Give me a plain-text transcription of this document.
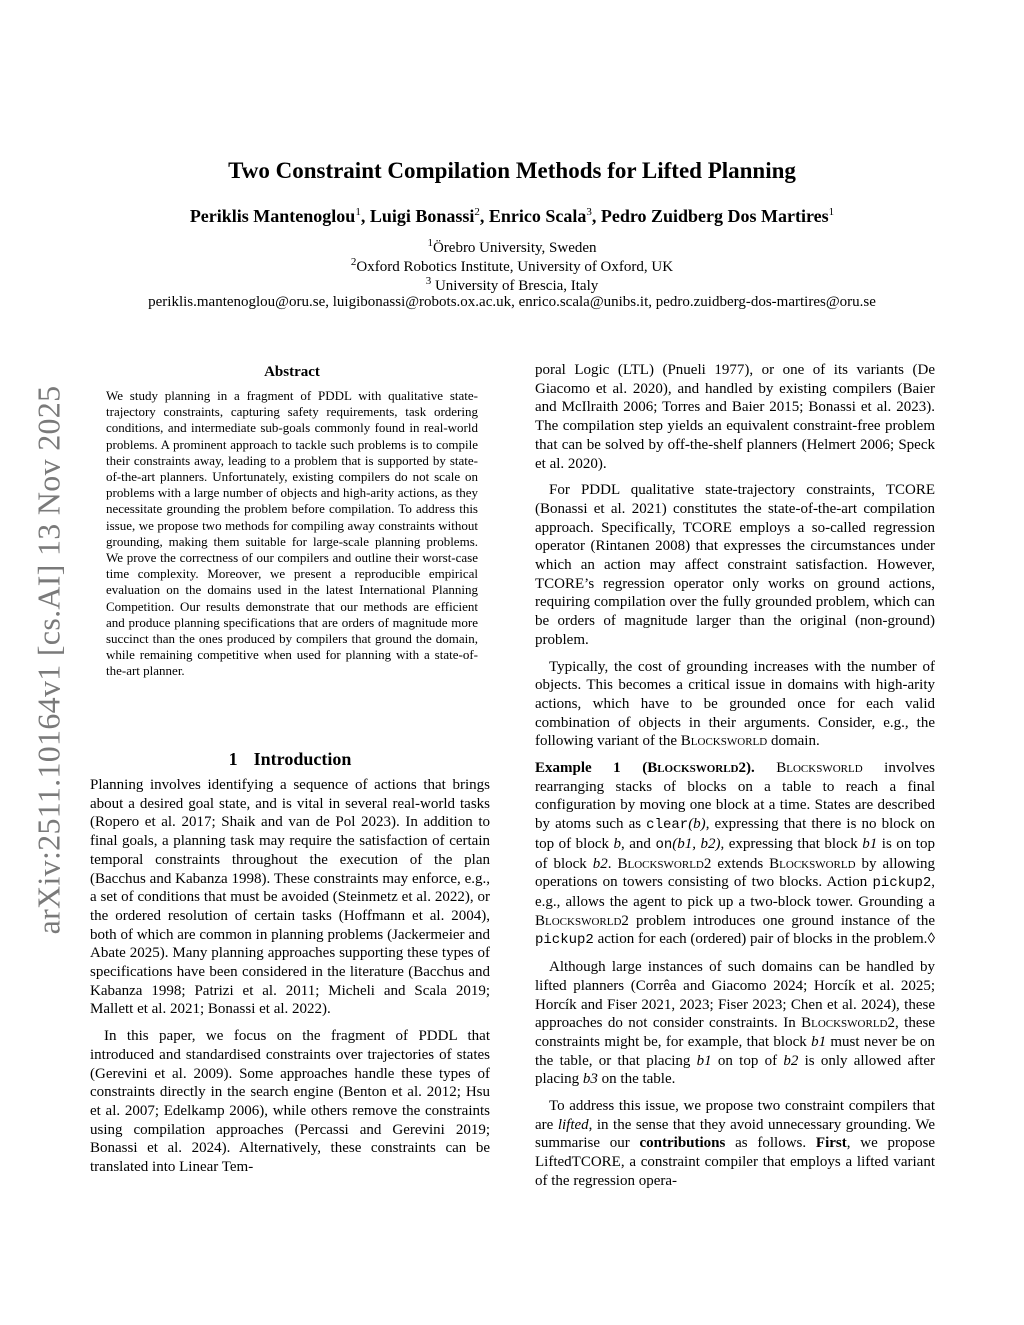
arXiv:2511.10164v1 [cs.AI] 13 Nov 2025
Two Constraint Compilation Methods for Lifted Planning
Periklis Mantenoglou$^1$, Luigi Bonassi$^2$, Enrico Scala$^3$, Pedro Zuidberg Dos Martires$^1$
$^1$Örebro University, Sweden
$^2$Oxford Robotics Institute, University of Oxford, UK
$^3$ University of Brescia, Italy
periklis.mantenoglou@oru.se, luigibonassi@robots.ox.ac.uk, enrico.scala@unibs.it, pedro.zuidberg-dos-martires@oru.se
Abstract
We study planning in a fragment of PDDL with qualitative state-trajectory constraints, capturing safety requirements, task ordering conditions, and intermediate sub-goals commonly found in real-world problems. A prominent approach to tackle such problems is to compile their constraints away, leading to a problem that is supported by state-of-the-art planners. Unfortunately, existing compilers do not scale on problems with a large number of objects and high-arity actions, as they necessitate grounding the problem before compilation. To address this issue, we propose two methods for compiling away constraints without grounding, making them suitable for large-scale planning problems. We prove the correctness of our compilers and outline their worst-case time complexity. Moreover, we present a reproducible empirical evaluation on the domains used in the latest International Planning Competition. Our results demonstrate that our methods are efficient and produce planning specifications that are orders of magnitude more succinct than the ones produced by compilers that ground the domain, while remaining competitive when used for planning with a state-of-the-art planner.
1 Introduction

Planning involves identifying a sequence of actions that brings about a desired goal state, and is vital in several real-world tasks (Ropero et al. 2017; Shaik and van de Pol 2023). In addition to final goals, a planning task may require the satisfaction of certain temporal constraints throughout the execution of the plan (Bacchus and Kabanza 1998). These constraints may enforce, e.g., a set of conditions that must be avoided (Steinmetz et al. 2022), or the ordered resolution of certain tasks (Hoffmann et al. 2004), both of which are common in planning problems (Jackermeier and Abate 2025). Many planning approaches supporting these types of specifications have been considered in the literature (Bacchus and Kabanza 1998; Patrizi et al. 2011; Micheli and Scala 2019; Mallett et al. 2021; Bonassi et al. 2022).

In this paper, we focus on the fragment of PDDL that introduced and standardised constraints over trajectories of states (Gerevini et al. 2009). Some approaches handle these types of constraints directly in the search engine (Benton et al. 2012; Hsu et al. 2007; Edelkamp 2006), while others remove the constraints using compilation approaches (Percassi and Gerevini 2019; Bonassi et al. 2024). Alternatively, these constraints can be translated into Linear Tem-

poral Logic (LTL) (Pnueli 1977), or one of its variants (De Giacomo et al. 2020), and handled by existing compilers (Baier and McIlraith 2006; Torres and Baier 2015; Bonassi et al. 2023). The compilation step yields an equivalent constraint-free problem that can be solved by off-the-shelf planners (Helmert 2006; Speck et al. 2020).

For PDDL qualitative state-trajectory constraints, TCORE (Bonassi et al. 2021) constitutes the state-of-the-art compilation approach. Specifically, TCORE employs a so-called regression operator (Rintanen 2008) that expresses the circumstances under which an action may affect constraint satisfaction. However, TCORE’s regression operator only works on ground actions, requiring compilation over the fully grounded problem, which can be orders of magnitude larger than the original (non-ground) problem.

Typically, the cost of grounding increases with the number of objects. This becomes a critical issue in domains with high-arity actions, which have to be grounded once for each valid combination of objects in their arguments. Consider, e.g., the following variant of the Blocksworld domain.

Example 1 (Blocksworld2). Blocksworld involves rearranging stacks of blocks on a table to reach a final configuration by moving one block at a time. States are described by atoms such as clear(b), expressing that there is no block on top of block b, and on(b1, b2), expressing that block b1 is on top of block b2. Blocksworld2 extends Blocksworld by allowing operations on towers consisting of two blocks. Action pickup2, e.g., allows the agent to pick up a two-block tower. Grounding a Blocksworld2 problem introduces one ground instance of the pickup2 action for each (ordered) pair of blocks in the problem. ◊

Although large instances of such domains can be handled by lifted planners (Corrêa and Giacomo 2024; Horcík et al. 2025; Horcík and Fiser 2021, 2023; Fiser 2023; Chen et al. 2024), these approaches do not consider constraints. In Blocksworld2, these constraints might be, for example, that block b1 must never be on the table, or that placing b1 on top of b2 is only allowed after placing b3 on the table.

To address this issue, we propose two constraint compilers that are lifted, in the sense that they avoid unnecessary grounding. We summarise our contributions as follows. First, we propose LiftedTCORE, a constraint compiler that employs a lifted variant of the regression opera-
